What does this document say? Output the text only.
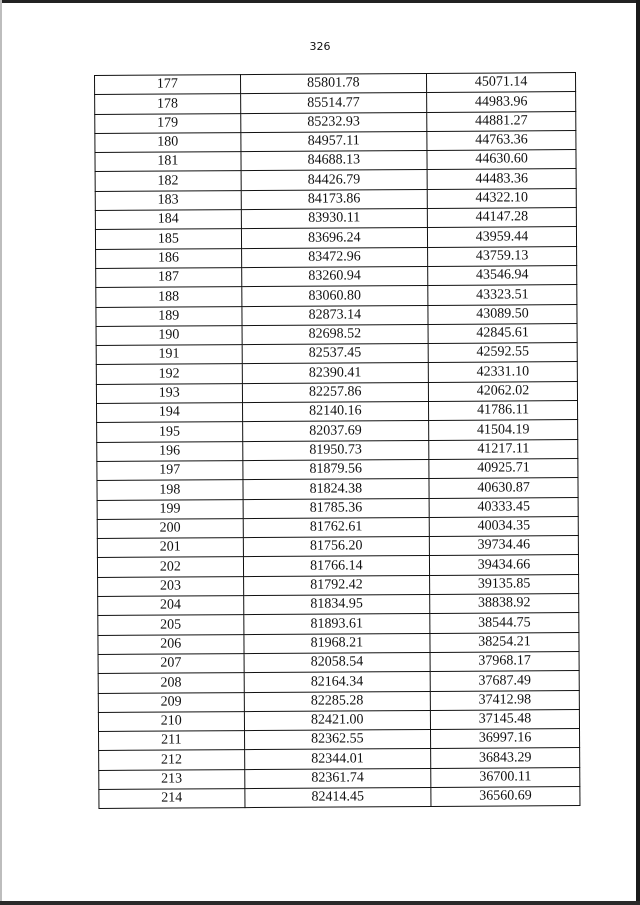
326
177	85801.78	45071.14
178	85514.77	44983.96
179	85232.93	44881.27
180	84957.11	44763.36
181	84688.13	44630.60
182	84426.79	44483.36
183	84173.86	44322.10
184	83930.11	44147.28
185	83696.24	43959.44
186	83472.96	43759.13
187	83260.94	43546.94
188	83060.80	43323.51
189	82873.14	43089.50
190	82698.52	42845.61
191	82537.45	42592.55
192	82390.41	42331.10
193	82257.86	42062.02
194	82140.16	41786.11
195	82037.69	41504.19
196	81950.73	41217.11
197	81879.56	40925.71
198	81824.38	40630.87
199	81785.36	40333.45
200	81762.61	40034.35
201	81756.20	39734.46
202	81766.14	39434.66
203	81792.42	39135.85
204	81834.95	38838.92
205	81893.61	38544.75
206	81968.21	38254.21
207	82058.54	37968.17
208	82164.34	37687.49
209	82285.28	37412.98
210	82421.00	37145.48
211	82362.55	36997.16
212	82344.01	36843.29
213	82361.74	36700.11
214	82414.45	36560.69
